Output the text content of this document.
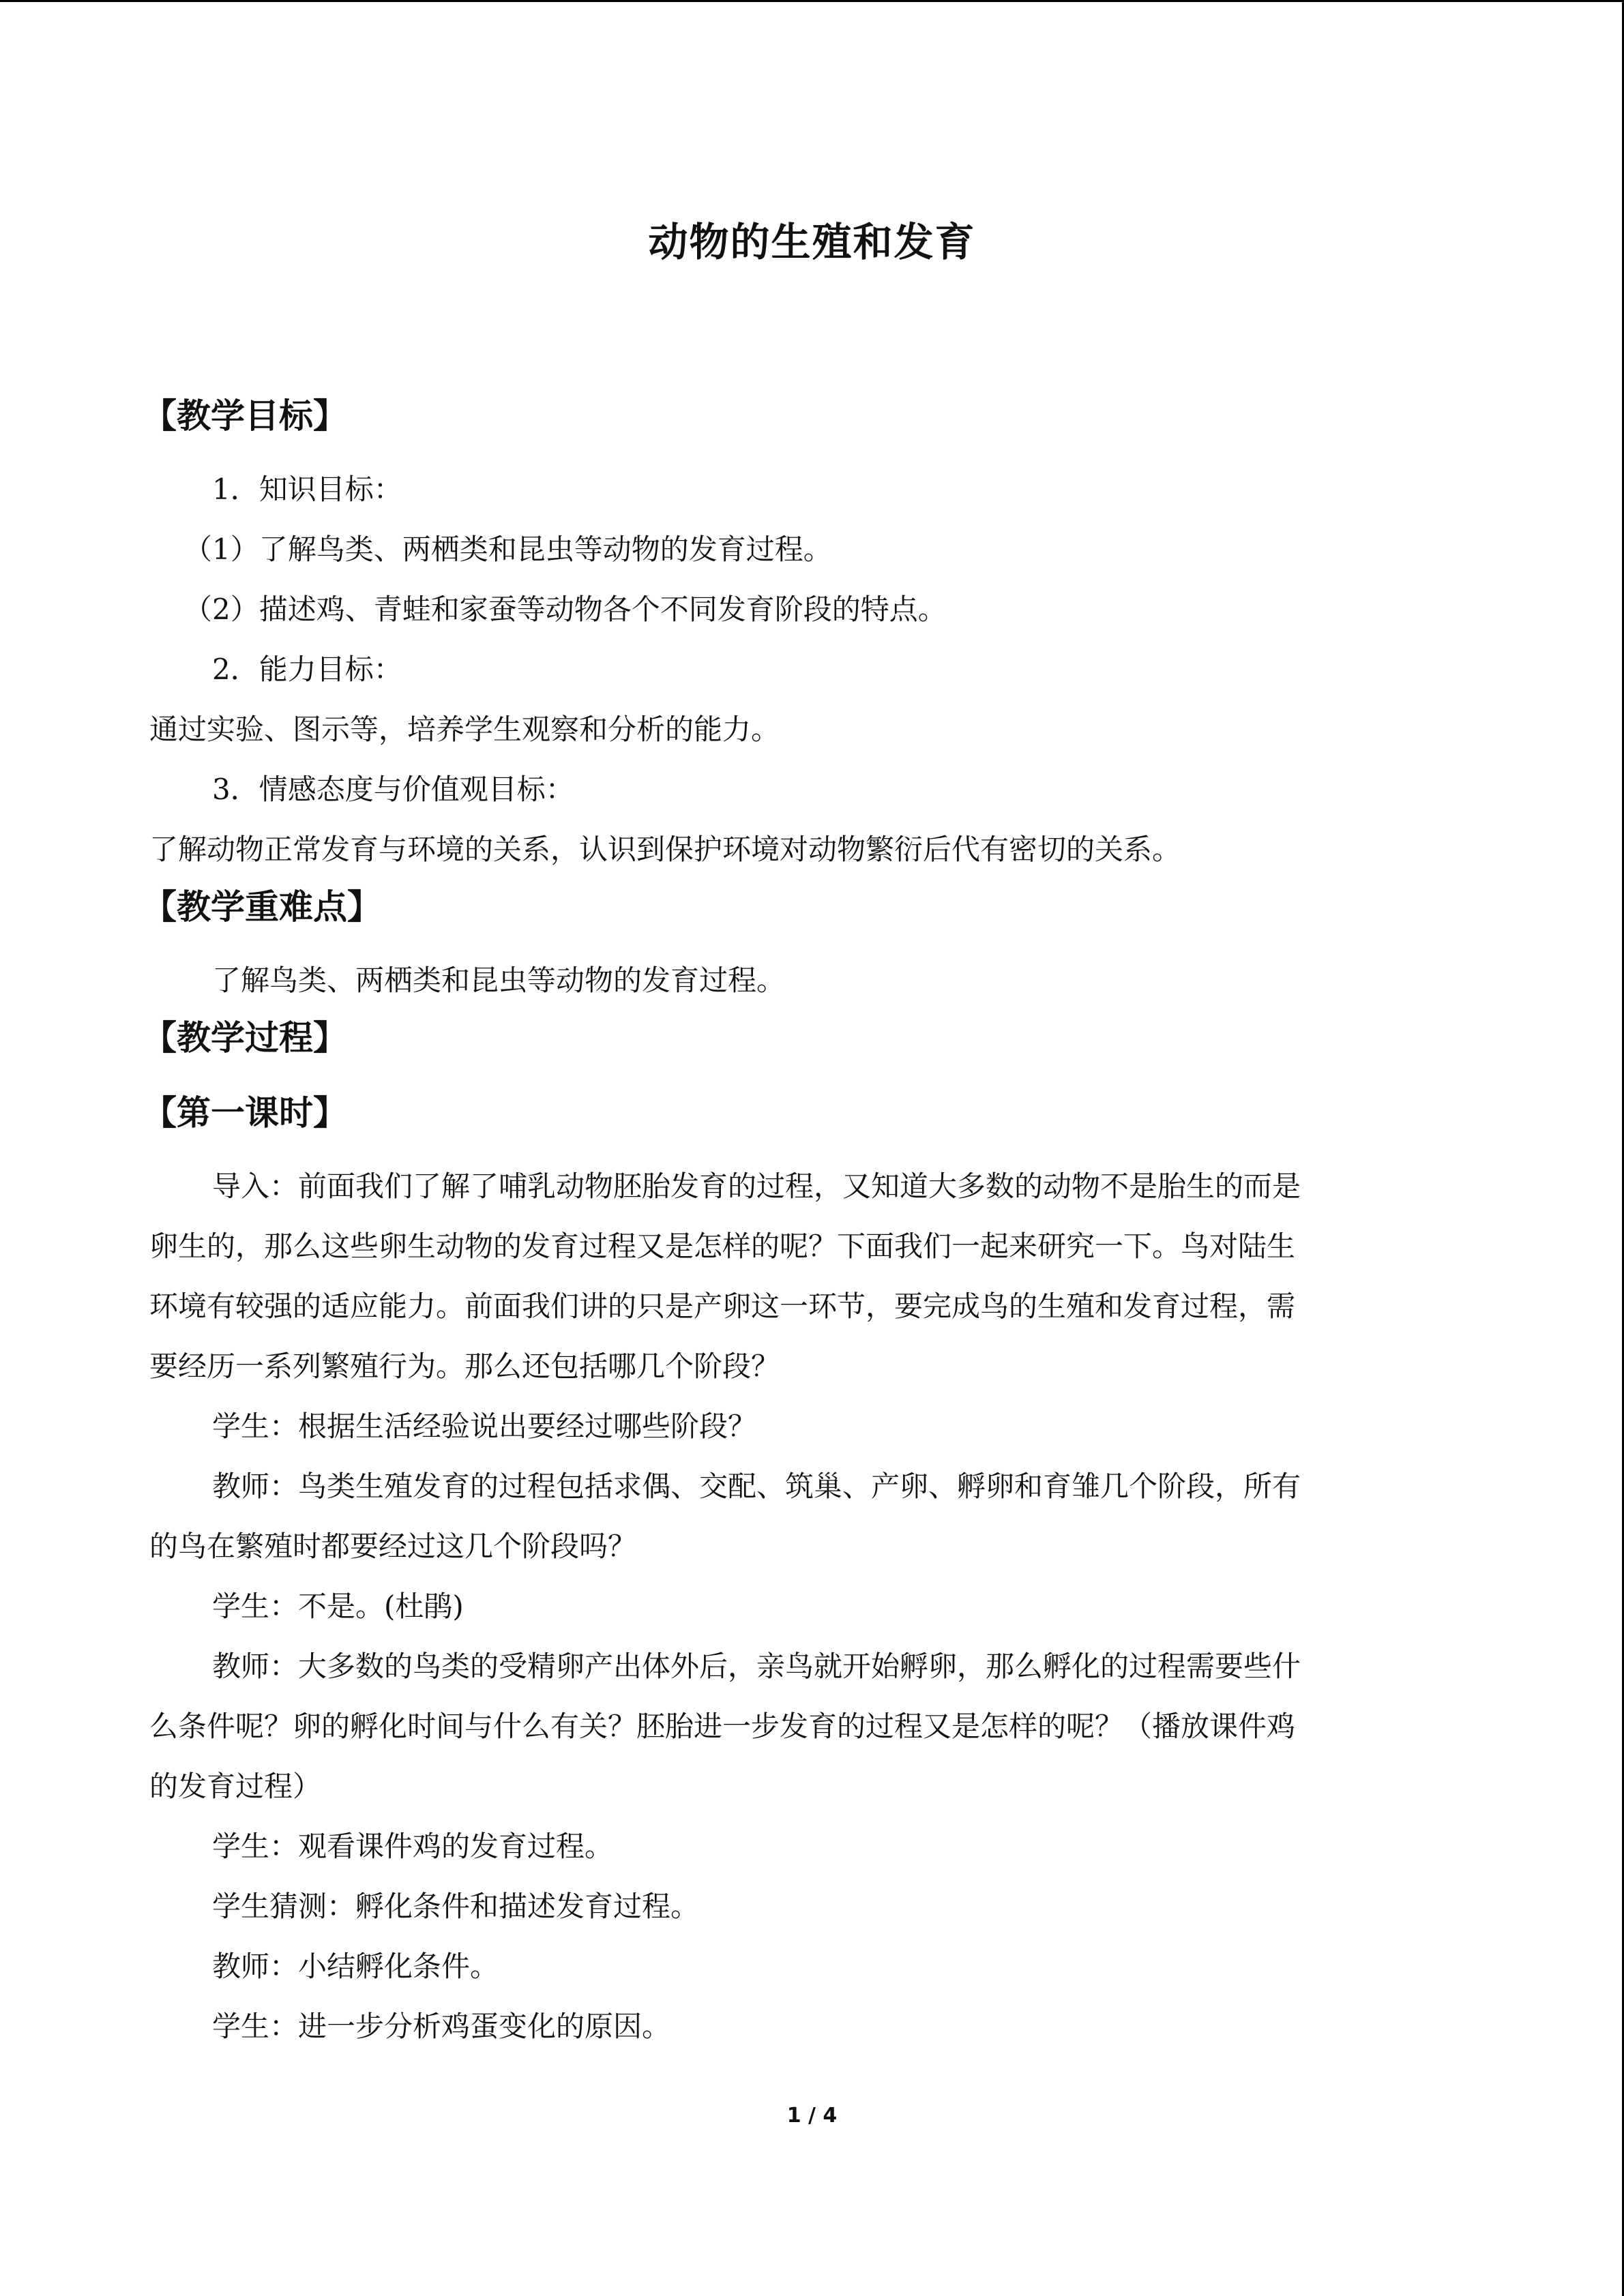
动物的生殖和发育
【教学目标】

1．知识目标：

（1）了解鸟类、两栖类和昆虫等动物的发育过程。

（2）描述鸡、青蛙和家蚕等动物各个不同发育阶段的特点。

2．能力目标：

通过实验、图示等，培养学生观察和分析的能力。

3．情感态度与价值观目标：

了解动物正常发育与环境的关系，认识到保护环境对动物繁衍后代有密切的关系。

【教学重难点】

了解鸟类、两栖类和昆虫等动物的发育过程。

【教学过程】
【第一课时】

导入：前面我们了解了哺乳动物胚胎发育的过程，又知道大多数的动物不是胎生的而是

卵生的，那么这些卵生动物的发育过程又是怎样的呢？下面我们一起来研究一下。鸟对陆生

环境有较强的适应能力。前面我们讲的只是产卵这一环节，要完成鸟的生殖和发育过程，需

要经历一系列繁殖行为。那么还包括哪几个阶段？

学生：根据生活经验说出要经过哪些阶段？

教师：鸟类生殖发育的过程包括求偶、交配、筑巢、产卵、孵卵和育雏几个阶段，所有

的鸟在繁殖时都要经过这几个阶段吗？

学生：不是。(杜鹃)

教师：大多数的鸟类的受精卵产出体外后，亲鸟就开始孵卵，那么孵化的过程需要些什

么条件呢？卵的孵化时间与什么有关？胚胎进一步发育的过程又是怎样的呢？（播放课件鸡

的发育过程）

学生：观看课件鸡的发育过程。

学生猜测：孵化条件和描述发育过程。

教师：小结孵化条件。

学生：进一步分析鸡蛋变化的原因。

1 / 4
